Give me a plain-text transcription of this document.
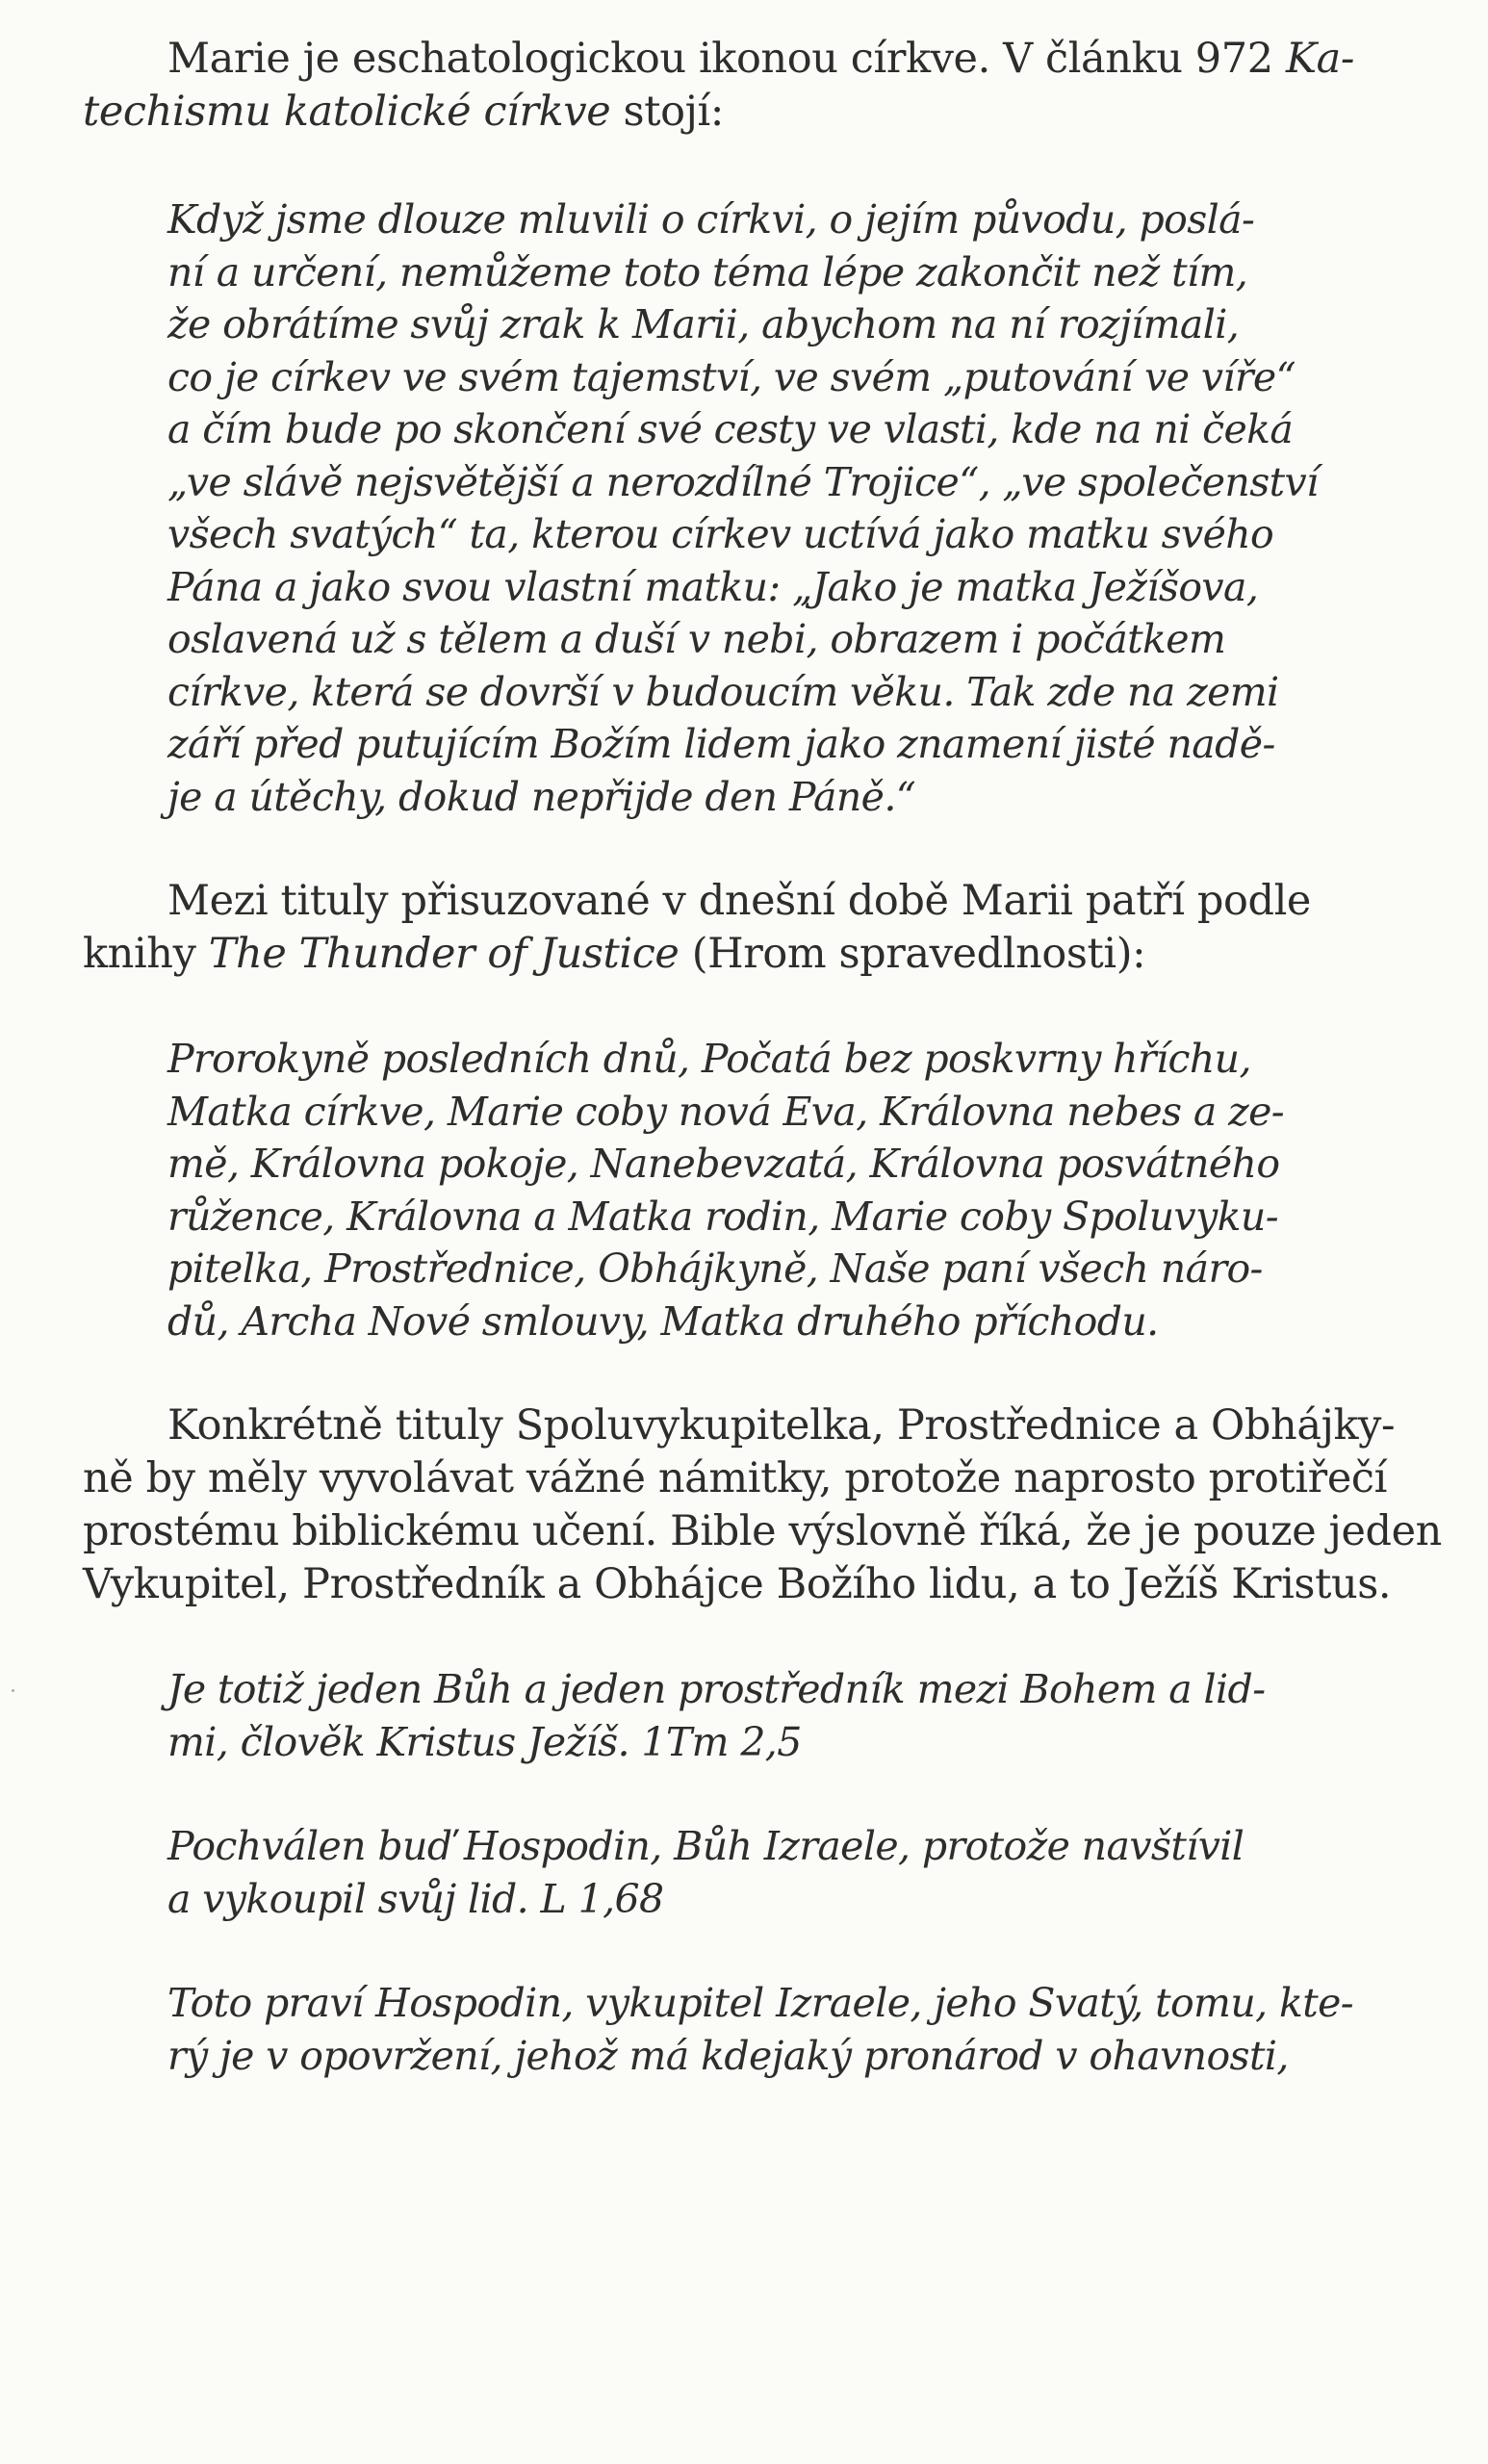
Marie je eschatologickou ikonou církve. V článku 972 Ka-
techismu katolické církve stojí:
Když jsme dlouze mluvili o církvi, o jejím původu, poslá-
ní a určení, nemůžeme toto téma lépe zakončit než tím,
že obrátíme svůj zrak k Marii, abychom na ní rozjímali,
co je církev ve svém tajemství, ve svém „putování ve víře“
a čím bude po skončení své cesty ve vlasti, kde na ni čeká
„ve slávě nejsvětější a nerozdílné Trojice“, „ve společenství
všech svatých“ ta, kterou církev uctívá jako matku svého
Pána a jako svou vlastní matku: „Jako je matka Ježíšova,
oslavená už s tělem a duší v nebi, obrazem i počátkem
církve, která se dovrší v budoucím věku. Tak zde na zemi
září před putujícím Božím lidem jako znamení jisté nadě-
je a útěchy, dokud nepřijde den Páně.“
Mezi tituly přisuzované v dnešní době Marii patří podle
knihy The Thunder of Justice (Hrom spravedlnosti):
Prorokyně posledních dnů, Počatá bez poskvrny hříchu,
Matka církve, Marie coby nová Eva, Královna nebes a ze-
mě, Královna pokoje, Nanebevzatá, Královna posvátného
růžence, Královna a Matka rodin, Marie coby Spoluvyku-
pitelka, Prostřednice, Obhájkyně, Naše paní všech náro-
dů, Archa Nové smlouvy, Matka druhého příchodu.
Konkrétně tituly Spoluvykupitelka, Prostřednice a Obhájky-
ně by měly vyvolávat vážné námitky, protože naprosto protiřečí
prostému biblickému učení. Bible výslovně říká, že je pouze jeden
Vykupitel, Prostředník a Obhájce Božího lidu, a to Ježíš Kristus.
Je totiž jeden Bůh a jeden prostředník mezi Bohem a lid-
mi, člověk Kristus Ježíš. 1Tm 2,5
Pochválen buď Hospodin, Bůh Izraele, protože navštívil
a vykoupil svůj lid. L 1,68
Toto praví Hospodin, vykupitel Izraele, jeho Svatý, tomu, kte-
rý je v opovržení, jehož má kdejaký pronárod v ohavnosti,
